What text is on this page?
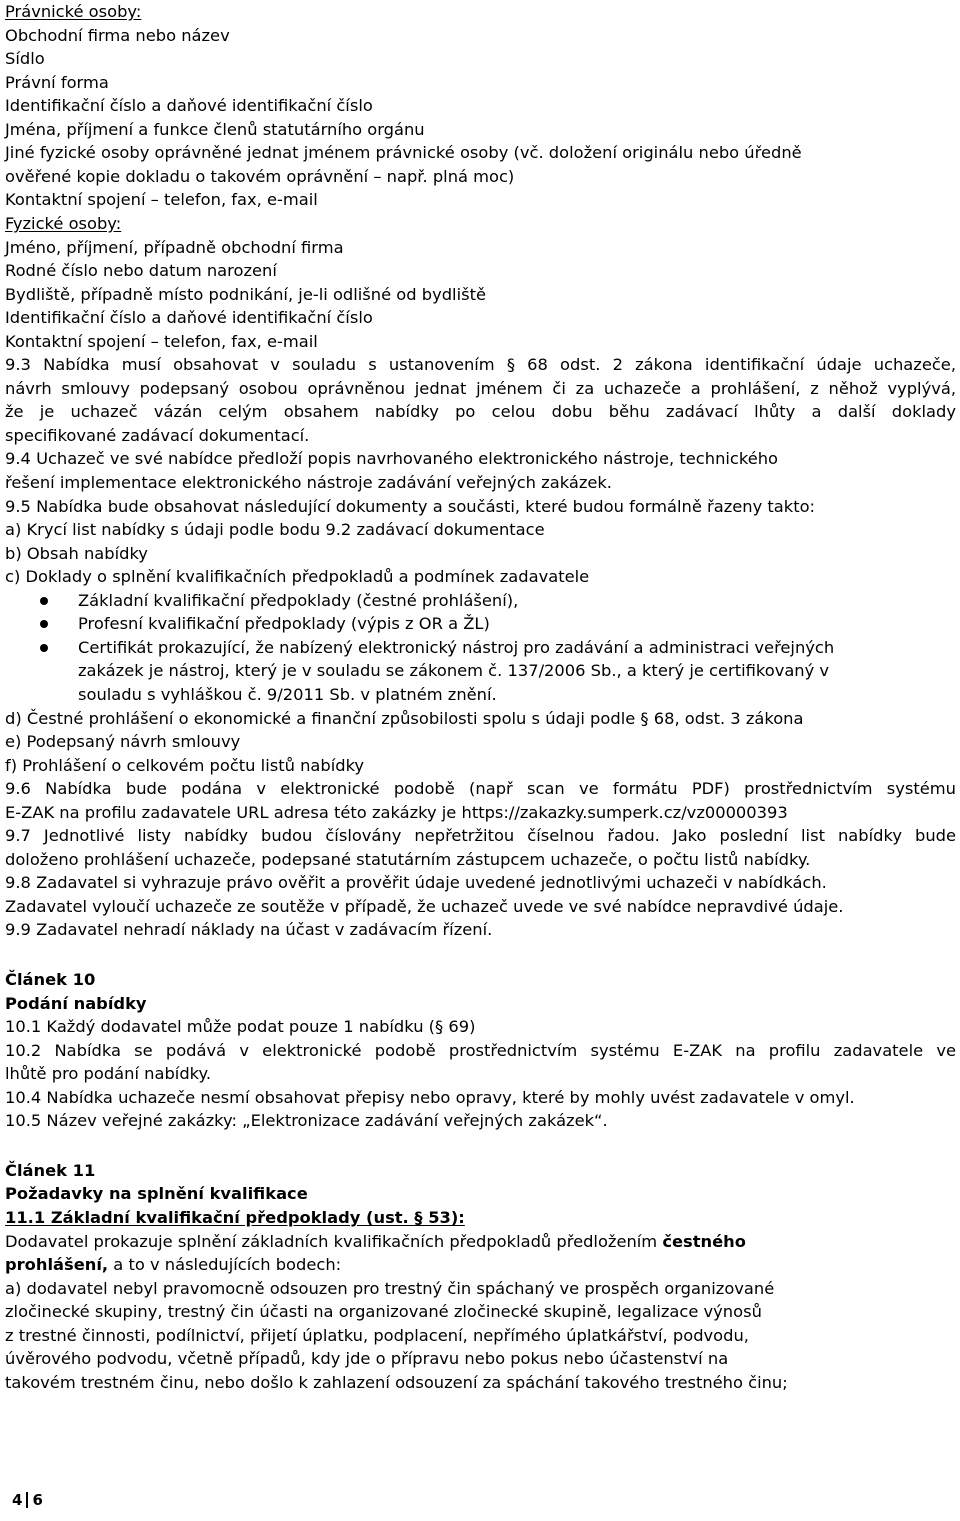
Právnické osoby:
Obchodní firma nebo název
Sídlo
Právní forma
Identifikační číslo a daňové identifikační číslo
Jména, příjmení a funkce členů statutárního orgánu
Jiné fyzické osoby oprávněné jednat jménem právnické osoby (vč. doložení originálu nebo úředně
ověřené kopie dokladu o takovém oprávnění – např. plná moc)
Kontaktní spojení – telefon, fax, e-mail
Fyzické osoby:
Jméno, příjmení, případně obchodní firma
Rodné číslo nebo datum narození
Bydliště, případně místo podnikání, je-li odlišné od bydliště
Identifikační číslo a daňové identifikační číslo
Kontaktní spojení – telefon, fax, e-mail
9.3 Nabídka musí obsahovat v souladu s ustanovením § 68 odst. 2 zákona identifikační údaje uchazeče,
návrh smlouvy podepsaný osobou oprávněnou jednat jménem či za uchazeče a prohlášení, z něhož vyplývá,
že je uchazeč vázán celým obsahem nabídky po celou dobu běhu zadávací lhůty a další doklady
specifikované zadávací dokumentací.
9.4 Uchazeč ve své nabídce předloží popis navrhovaného elektronického nástroje, technického
řešení implementace elektronického nástroje zadávání veřejných zakázek.
9.5 Nabídka bude obsahovat následující dokumenty a součásti, které budou formálně řazeny takto:
a) Krycí list nabídky s údaji podle bodu 9.2 zadávací dokumentace
b) Obsah nabídky
c) Doklady o splnění kvalifikačních předpokladů a podmínek zadavatele
Základní kvalifikační předpoklady (čestné prohlášení),
Profesní kvalifikační předpoklady (výpis z OR a ŽL)
Certifikát prokazující, že nabízený elektronický nástroj pro zadávání a administraci veřejných
zakázek je nástroj, který je v souladu se zákonem č. 137/2006 Sb., a který je certifikovaný v
souladu s vyhláškou č. 9/2011 Sb. v platném znění.
d) Čestné prohlášení o ekonomické a finanční způsobilosti spolu s údaji podle § 68, odst. 3 zákona
e) Podepsaný návrh smlouvy
f) Prohlášení o celkovém počtu listů nabídky
9.6 Nabídka bude podána v elektronické podobě (např scan ve formátu PDF) prostřednictvím systému
E-ZAK na profilu zadavatele URL adresa této zakázky je https://zakazky.sumperk.cz/vz00000393
9.7 Jednotlivé listy nabídky budou číslovány nepřetržitou číselnou řadou. Jako poslední list nabídky bude
doloženo prohlášení uchazeče, podepsané statutárním zástupcem uchazeče, o počtu listů nabídky.
9.8 Zadavatel si vyhrazuje právo ověřit a prověřit údaje uvedené jednotlivými uchazeči v nabídkách.
Zadavatel vyloučí uchazeče ze soutěže v případě, že uchazeč uvede ve své nabídce nepravdivé údaje.
9.9 Zadavatel nehradí náklady na účast v zadávacím řízení.
Článek 10
Podání nabídky
10.1 Každý dodavatel může podat pouze 1 nabídku (§ 69)
10.2 Nabídka se podává v elektronické podobě prostřednictvím systému E-ZAK na profilu zadavatele ve
lhůtě pro podání nabídky.
10.4 Nabídka uchazeče nesmí obsahovat přepisy nebo opravy, které by mohly uvést zadavatele v omyl.
10.5 Název veřejné zakázky: „Elektronizace zadávání veřejných zakázek“.
Článek 11
Požadavky na splnění kvalifikace
11.1 Základní kvalifikační předpoklady (ust. § 53):
Dodavatel prokazuje splnění základních kvalifikačních předpokladů předložením čestného
prohlášení, a to v následujících bodech:
a) dodavatel nebyl pravomocně odsouzen pro trestný čin spáchaný ve prospěch organizované
zločinecké skupiny, trestný čin účasti na organizované zločinecké skupině, legalizace výnosů
z trestné činnosti, podílnictví, přijetí úplatku, podplacení, nepřímého úplatkářství, podvodu,
úvěrového podvodu, včetně případů, kdy jde o přípravu nebo pokus nebo účastenství na
takovém trestném činu, nebo došlo k zahlazení odsouzení za spáchání takového trestného činu;
4 6
